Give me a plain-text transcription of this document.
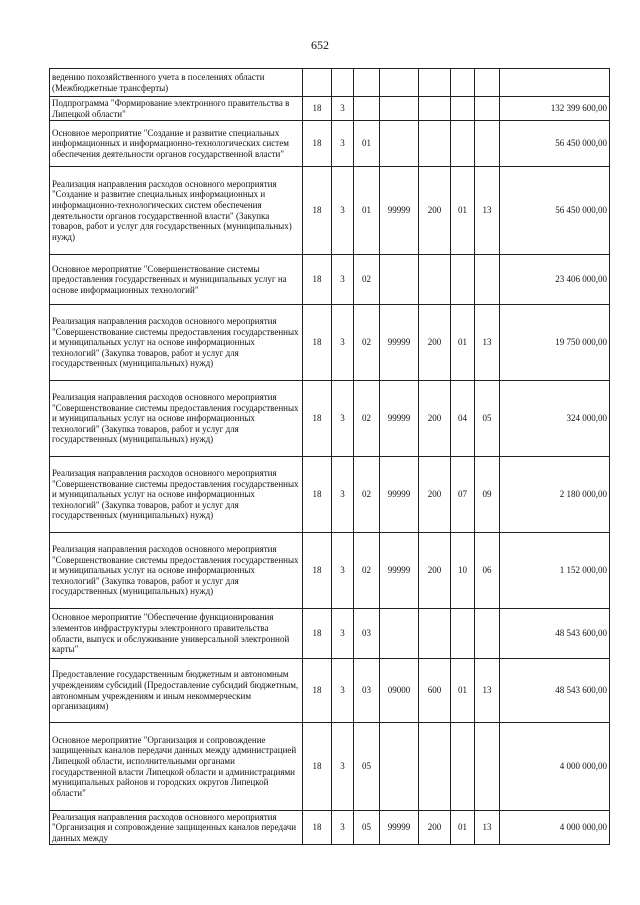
652
ведению похозяйственного учета в поселениях области (Межбюджетные трансферты)								
Подпрограмма "Формирование электронного правительства в Липецкой области"	18	3						132 399 600,00
Основное мероприятие "Создание и развитие специальных информационных и информационно-технологических систем обеспечения деятельности органов государственной власти"	18	3	01					56 450 000,00
Реализация направления расходов основного мероприятия "Создание и развитие специальных информационных и информационно-технологических систем обеспечения деятельности органов государственной власти" (Закупка товаров, работ и услуг для государственных (муниципальных) нужд)	18	3	01	99999	200	01	13	56 450 000,00
Основное мероприятие "Совершенствование системы предоставления государственных и муниципальных услуг на основе информационных технологий"	18	3	02					23 406 000,00
Реализация направления расходов основного мероприятия "Совершенствование системы предоставления государственных и муниципальных услуг на основе информационных технологий" (Закупка товаров, работ и услуг для государственных (муниципальных) нужд)	18	3	02	99999	200	01	13	19 750 000,00
Реализация направления расходов основного мероприятия "Совершенствование системы предоставления государственных и муниципальных услуг на основе информационных технологий" (Закупка товаров, работ и услуг для государственных (муниципальных) нужд)	18	3	02	99999	200	04	05	324 000,00
Реализация направления расходов основного мероприятия "Совершенствование системы предоставления государственных и муниципальных услуг на основе информационных технологий" (Закупка товаров, работ и услуг для государственных (муниципальных) нужд)	18	3	02	99999	200	07	09	2 180 000,00
Реализация направления расходов основного мероприятия "Совершенствование системы предоставления государственных и муниципальных услуг на основе информационных технологий" (Закупка товаров, работ и услуг для государственных (муниципальных) нужд)	18	3	02	99999	200	10	06	1 152 000,00
Основное мероприятие "Обеспечение функционирования элементов инфраструктуры электронного правительства области, выпуск и обслуживание универсальной электронной карты"	18	3	03					48 543 600,00
Предоставление государственным бюджетным и автономным учреждениям субсидий (Предоставление субсидий бюджетным, автономным учреждениям и иным некоммерческим организациям)	18	3	03	09000	600	01	13	48 543 600,00
Основное мероприятие "Организация и сопровождение защищенных каналов передачи данных между администрацией Липецкой области, исполнительными органами государственной власти Липецкой области и администрациями муниципальных районов и городских округов Липецкой области"	18	3	05					4 000 000,00
Реализация направления расходов основного мероприятия "Организация и сопровождение защищенных каналов передачи данных между	18	3	05	99999	200	01	13	4 000 000,00
